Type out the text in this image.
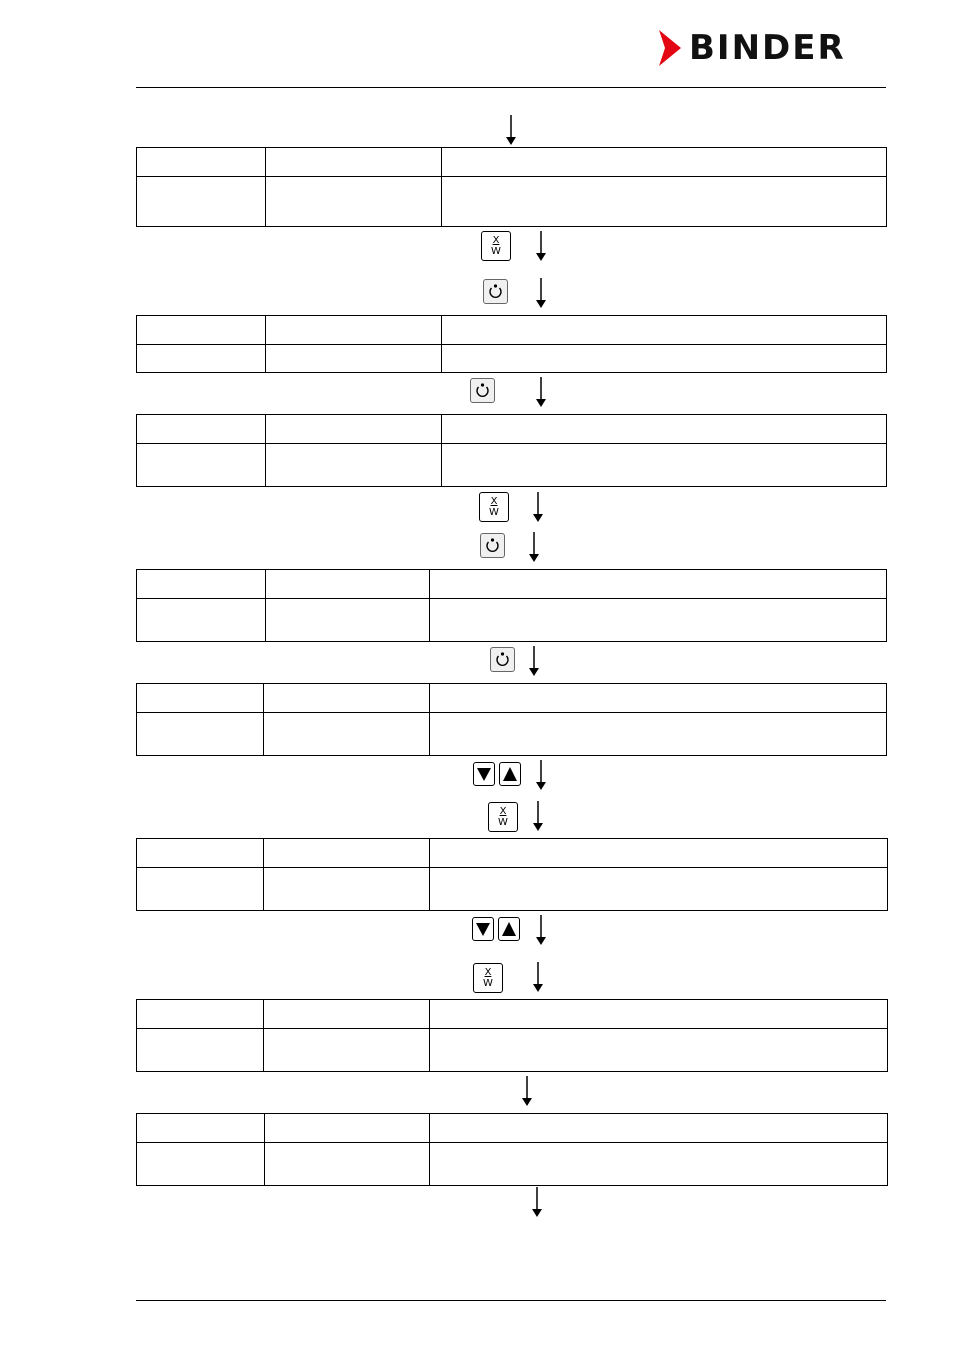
BINDER
X
W
X
W
X
W
X
W
